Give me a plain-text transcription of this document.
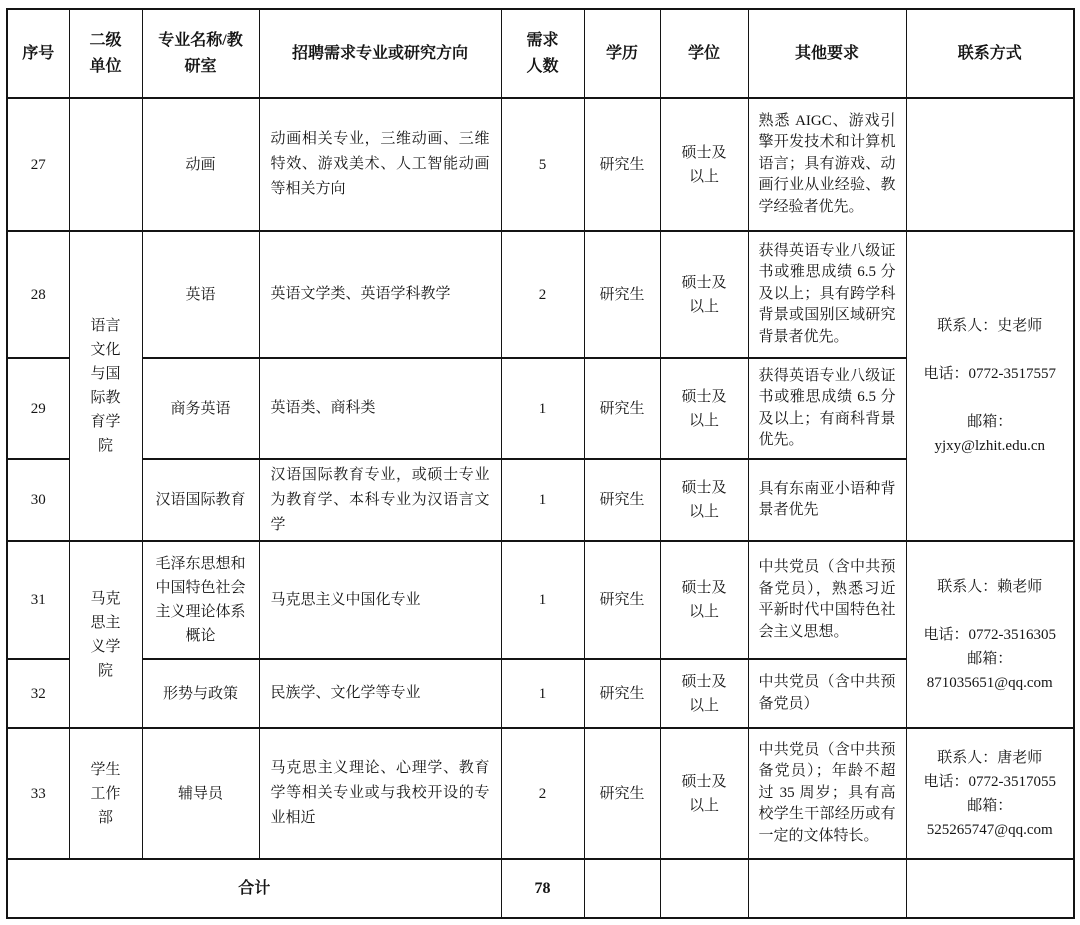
序号	二级单位	专业名称/教研室	招聘需求专业或研究方向	需求人数	学历	学位	其他要求	联系方式
27		动画	动画相关专业，三维动画、三维特效、游戏美术、人工智能动画等相关方向	5	研究生	硕士及以上	熟悉 AIGC、游戏引擎开发技术和计算机语言；具有游戏、动画行业从业经验、教学经验者优先。	
28	语言文化与国际教育学院	英语	英语文学类、英语学科教学	2	研究生	硕士及以上	获得英语专业八级证书或雅思成绩 6.5 分及以上；具有跨学科背景或国别区域研究背景者优先。	联系人：史老师
电话：0772-3517557
邮箱：
yjxy@lzhit.edu.cn

29		商务英语	英语类、商科类	1	研究生	硕士及以上	获得英语专业八级证书或雅思成绩 6.5 分及以上；有商科背景优先。	
30		汉语国际教育	汉语国际教育专业，或硕士专业为教育学、本科专业为汉语言文学	1	研究生	硕士及以上	具有东南亚小语种背景者优先	
31	马克思主义学院	毛泽东思想和中国特色社会主义理论体系概论	马克思主义中国化专业	1	研究生	硕士及以上	中共党员（含中共预备党员），熟悉习近平新时代中国特色社会主义思想。	联系人：赖老师
电话：0772-3516305
邮箱：
871035651@qq.com

32		形势与政策	民族学、文化学等专业	1	研究生	硕士及以上	中共党员（含中共预备党员）	
33	学生工作部	辅导员	马克思主义理论、心理学、教育学等相关专业或与我校开设的专业相近	2	研究生	硕士及以上	中共党员（含中共预备党员）；年龄不超过 35 周岁；具有高校学生干部经历或有一定的文体特长。	联系人：唐老师
电话：0772-3517055
邮箱：
525265747@qq.com

合计				78				
